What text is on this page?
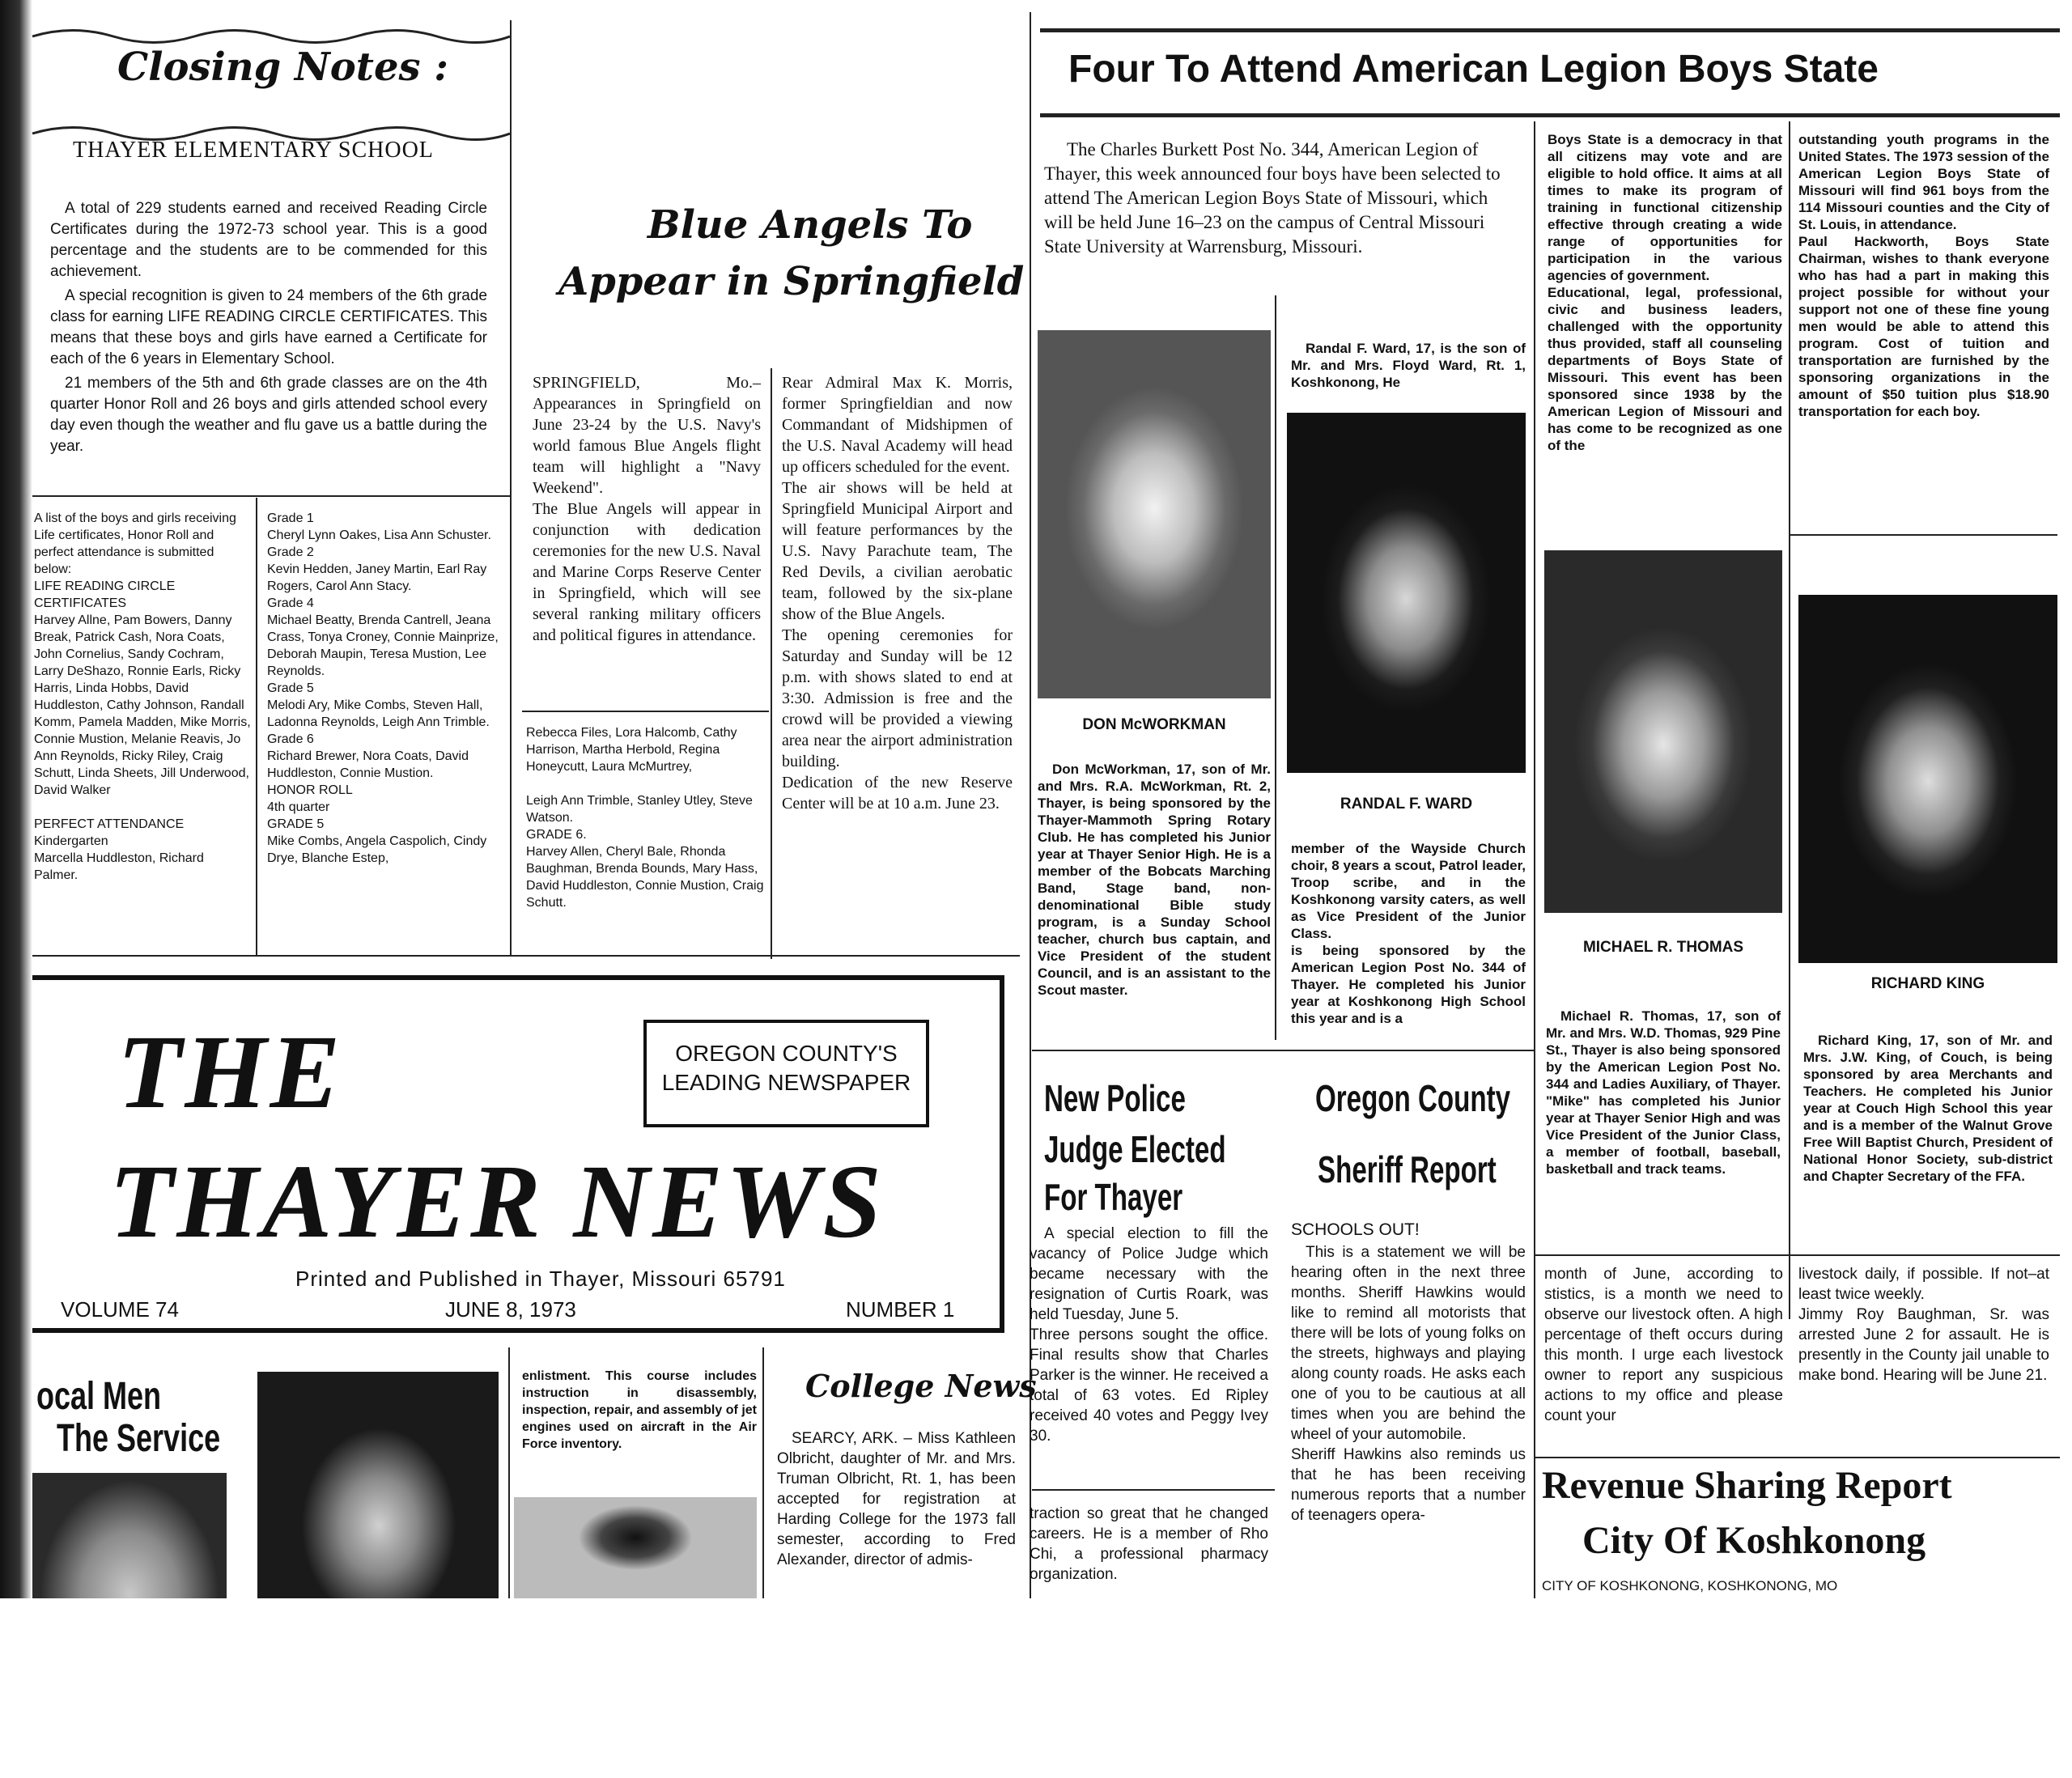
Closing Notes :
THAYER ELEMENTARY SCHOOL

A total of 229 students earned and received Reading Circle Certificates during the 1972-73 school year. This is a good percentage and the students are to be commended for this achievement.

A special recognition is given to 24 members of the 6th grade class for earning LIFE READING CIRCLE CERTIFICATES. This means that these boys and girls have earned a Certificate for each of the 6 years in Elementary School.

21 members of the 5th and 6th grade classes are on the 4th quarter Honor Roll and 26 boys and girls attended school every day even though the weather and flu gave us a battle during the year.

A list of the boys and girls receiving Life certificates, Honor Roll and perfect attendance is submitted below:
LIFE READING CIRCLE CERTIFICATES
Harvey Allne, Pam Bowers, Danny Break, Patrick Cash, Nora Coats, John Cornelius, Sandy Cochram, Larry DeShazo, Ronnie Earls, Ricky Harris, Linda Hobbs, David Huddleston, Cathy Johnson, Randall Komm, Pamela Madden, Mike Morris, Connie Mustion, Melanie Reavis, Jo Ann Reynolds, Ricky Riley, Craig Schutt, Linda Sheets, Jill Underwood, David Walker

PERFECT ATTENDANCE
Kindergarten
Marcella Huddleston, Richard Palmer.
Grade 1
Cheryl Lynn Oakes, Lisa Ann Schuster.
Grade 2
Kevin Hedden, Janey Martin, Earl Ray Rogers, Carol Ann Stacy.
Grade 4
Michael Beatty, Brenda Cantrell, Jeana Crass, Tonya Croney, Connie Mainprize, Deborah Maupin, Teresa Mustion, Lee Reynolds.
Grade 5
Melodi Ary, Mike Combs, Steven Hall, Ladonna Reynolds, Leigh Ann Trimble.
Grade 6
Richard Brewer, Nora Coats, David Huddleston, Connie Mustion.
HONOR ROLL
4th quarter
GRADE 5
Mike Combs, Angela Caspolich, Cindy Drye, Blanche Estep,
Blue Angels To
Appear in Springfield
SPRINGFIELD, Mo.–Appearances in Springfield on June 23-24 by the U.S. Navy's world famous Blue Angels flight team will highlight a "Navy Weekend".
The Blue Angels will appear in conjunction with dedication ceremonies for the new U.S. Naval and Marine Corps Reserve Center in Springfield, which will see several ranking military officers and political figures in attendance.
Rear Admiral Max K. Morris, former Springfieldian and now Commandant of Midshipmen of the U.S. Naval Academy will head up officers scheduled for the event.
The air shows will be held at Springfield Municipal Airport and will feature performances by the U.S. Navy Parachute team, The Red Devils, a civilian aerobatic team, followed by the six-plane show of the Blue Angels.
The opening ceremonies for Saturday and Sunday will be 12 p.m. with shows slated to end at 3:30. Admission is free and the crowd will be provided a viewing area near the airport administration building.
Dedication of the new Reserve Center will be at 10 a.m. June 23.
Rebecca Files, Lora Halcomb, Cathy Harrison, Martha Herbold, Regina Honeycutt, Laura McMurtrey,

Leigh Ann Trimble, Stanley Utley, Steve Watson.
GRADE 6.
Harvey Allen, Cheryl Bale, Rhonda Baughman, Brenda Bounds, Mary Hass, David Huddleston, Connie Mustion, Craig Schutt.
THE
THAYER NEWS
OREGON COUNTY'S
LEADING NEWSPAPER
Printed and Published in Thayer, Missouri 65791
VOLUME 74	JUNE 8, 1973	NUMBER 1
ocal Men
The Service
enlistment. This course includes instruction in disassembly, inspection, repair, and assembly of jet engines used on aircraft in the Air Force inventory.
College News
SEARCY, ARK. – Miss Kathleen Olbricht, daughter of Mr. and Mrs. Truman Olbricht, Rt. 1, has been accepted for registration at Harding College for the 1973 fall semester, according to Fred Alexander, director of admis-
Four To Attend American Legion Boys State
The Charles Burkett Post No. 344, American Legion of Thayer, this week announced four boys have been selected to attend The American Legion Boys State of Missouri, which will be held June 16–23 on the campus of Central Missouri State University at Warrensburg, Missouri.
Boys State is a democracy in that all citizens may vote and are eligible to hold office. It aims at all times to make its program of training in functional citizenship effective through creating a wide range of opportunities for participation in the various agencies of government.
Educational, legal, professional, civic and business leaders, challenged with the opportunity thus provided, staff all counseling departments of Boys State of Missouri. This event has been sponsored since 1938 by the American Legion of Missouri and has come to be recognized as one of the
outstanding youth programs in the United States. The 1973 session of the American Legion Boys State of Missouri will find 961 boys from the 114 Missouri counties and the City of St. Louis, in attendance.
Paul Hackworth, Boys State Chairman, wishes to thank everyone who has had a part in making this project possible for without your support not one of these fine young men would be able to attend this program. Cost of tuition and transportation are furnished by the sponsoring organizations in the amount of $50 tuition plus $18.90 transportation for each boy.
DON McWORKMAN
Don McWorkman, 17, son of Mr. and Mrs. R.A. McWorkman, Rt. 2, Thayer, is being sponsored by the Thayer-Mammoth Spring Rotary Club. He has completed his Junior year at Thayer Senior High. He is a member of the Bobcats Marching Band, Stage band, non-denominational Bible study program, is a Sunday School teacher, church bus captain, and Vice President of the student Council, and is an assistant to the Scout master.
Randal F. Ward, 17, is the son of Mr. and Mrs. Floyd Ward, Rt. 1, Koshkonong, He
RANDAL F. WARD
member of the Wayside Church choir, 8 years a scout, Patrol leader, Troop scribe, and in the Koshkonong varsity caters, as well as Vice President of the Junior Class.
is being sponsored by the American Legion Post No. 344 of Thayer. He completed his Junior year at Koshkonong High School this year and is a
MICHAEL R. THOMAS
Michael R. Thomas, 17, son of Mr. and Mrs. W.D. Thomas, 929 Pine St., Thayer is also being sponsored by the American Legion Post No. 344 and Ladies Auxiliary, of Thayer. "Mike" has completed his Junior year at Thayer Senior High and was Vice President of the Junior Class, a member of football, baseball, basketball and track teams.
RICHARD KING
Richard King, 17, son of Mr. and Mrs. J.W. King, of Couch, is being sponsored by area Merchants and Teachers. He completed his Junior year at Couch High School this year and is a member of the Walnut Grove Free Will Baptist Church, President of National Honor Society, sub-district and Chapter Secretary of the FFA.
New Police
Judge Elected
For Thayer
A special election to fill the vacancy of Police Judge which became necessary with the resignation of Curtis Roark, was held Tuesday, June 5.
Three persons sought the office. Final results show that Charles Parker is the winner. He received a total of 63 votes. Ed Ripley received 40 votes and Peggy Ivey 30.
traction so great that he changed careers. He is a member of Rho Chi, a professional pharmacy organization.
Oregon County
Sheriff Report
SCHOOLS OUT!
This is a statement we will be hearing often in the next three months. Sheriff Hawkins would like to remind all motorists that there will be lots of young folks on the streets, highways and playing along county roads. He asks each one of you to be cautious at all times when you are behind the wheel of your automobile.
Sheriff Hawkins also reminds us that he has been receiving numerous reports that a number of teenagers opera-
month of June, according to stistics, is a month we need to observe our livestock often. A high percentage of theft occurs during this month. I urge each livestock owner to report any suspicious actions to my office and please count your
livestock daily, if possible. If not–at least twice weekly.
Jimmy Roy Baughman, Sr. was arrested June 2 for assault. He is presently in the County jail unable to make bond. Hearing will be June 21.
Revenue Sharing Report
City Of Koshkonong
CITY OF KOSHKONONG, KOSHKONONG, MO
